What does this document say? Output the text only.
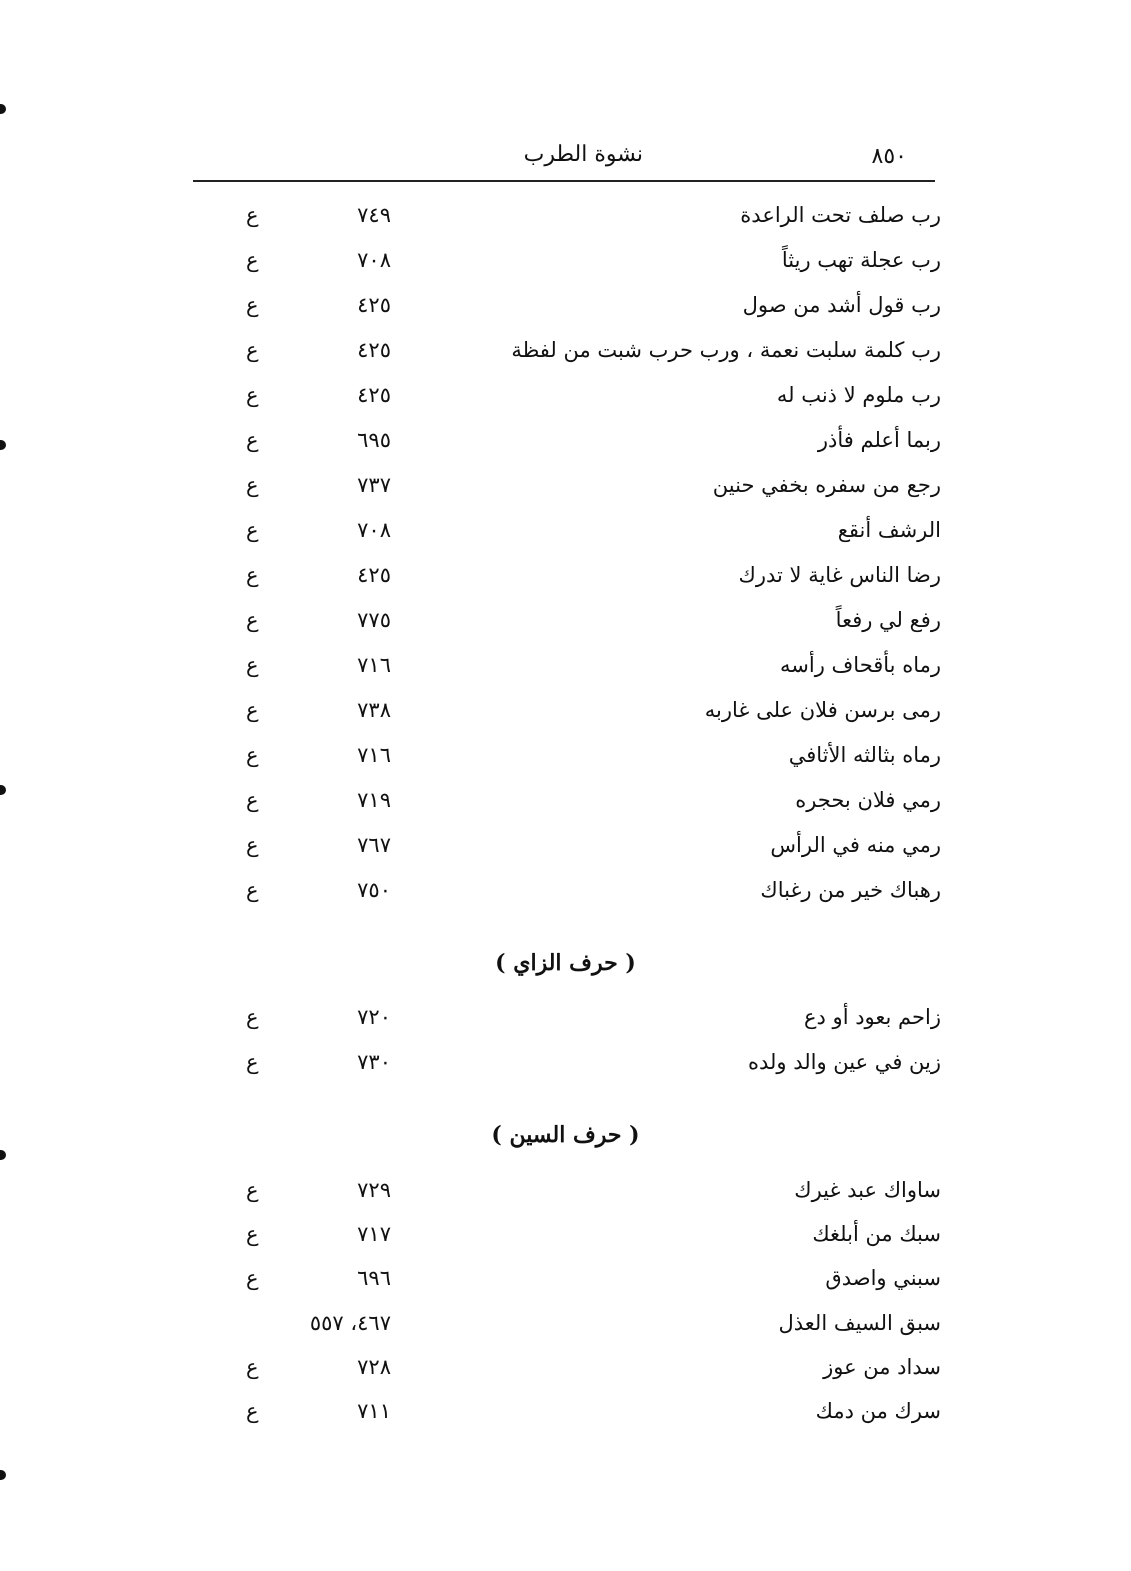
٨٥٠
نشوة الطرب
رب صلف تحت الراعدة
٧٤٩
ع
رب عجلة تهب ريثاً
٧٠٨
ع
رب قول أشد من صول
٤٢٥
ع
رب كلمة سلبت نعمة ، ورب حرب شبت من لفظة
٤٢٥
ع
رب ملوم لا ذنب له
٤٢٥
ع
ربما أعلم فأذر
٦٩٥
ع
رجع من سفره بخفي حنين
٧٣٧
ع
الرشف أنقع
٧٠٨
ع
رضا الناس غاية لا تدرك
٤٢٥
ع
رفع لي رفعاً
٧٧٥
ع
رماه بأقحاف رأسه
٧١٦
ع
رمى برسن فلان على غاربه
٧٣٨
ع
رماه بثالثه الأثافي
٧١٦
ع
رمي فلان بحجره
٧١٩
ع
رمي منه في الرأس
٧٦٧
ع
رهباك خير من رغباك
٧٥٠
ع
( حرف الزاي )
زاحم بعود أو دع
٧٢٠
ع
زين في عين والد ولده
٧٣٠
ع
( حرف السين )
ساواك عبد غيرك
٧٢٩
ع
سبك من أبلغك
٧١٧
ع
سبني واصدق
٦٩٦
ع
سبق السيف العذل
٤٦٧، ٥٥٧
سداد من عوز
٧٢٨
ع
سرك من دمك
٧١١
ع
